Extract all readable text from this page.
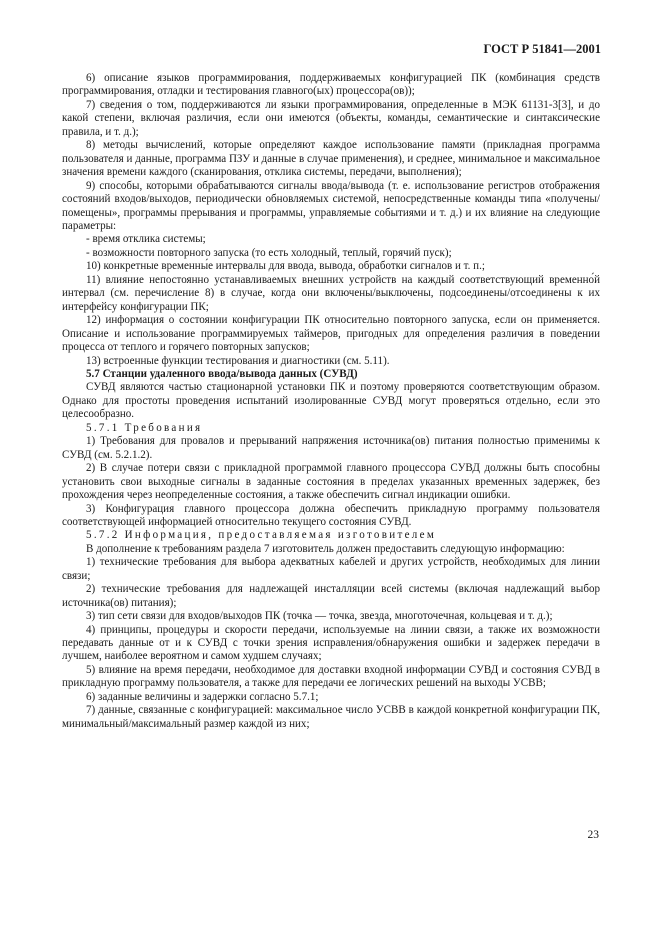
ГОСТ Р 51841—2001

6) описание языков программирования, поддерживаемых конфигурацией ПК (комбинация средств программирования, отладки и тестирования главного(ых) процессора(ов));

7) сведения о том, поддерживаются ли языки программирования, определенные в МЭК 61131-3[3], и до какой степени, включая различия, если они имеются (объекты, команды, семантические и синтаксические правила, и т. д.);

8) методы вычислений, которые определяют каждое использование памяти (прикладная программа пользователя и данные, программа ПЗУ и данные в случае применения), и среднее, минимальное и максимальное значения времени каждого (сканирования, отклика системы, передачи, выполнения);

9) способы, которыми обрабатываются сигналы ввода/вывода (т. е. использование регистров отображения состояний входов/выходов, периодически обновляемых системой, непосредственные команды типа «получены/помещены», программы прерывания и программы, управляемые событиями и т. д.) и их влияние на следующие параметры:

- время отклика системы;

- возможности повторного запуска (то есть холодный, теплый, горячий пуск);

10) конкретные временны́е интервалы для ввода, вывода, обработки сигналов и т. п.;

11) влияние непостоянно устанавливаемых внешних устройств на каждый соответствующий временно́й интервал (см. перечисление 8) в случае, когда они включены/выключены, подсоединены/отсоединены к их интерфейсу конфигурации ПК;

12) информация о состоянии конфигурации ПК относительно повторного запуска, если он применяется. Описание и использование программируемых таймеров, пригодных для определения различия в поведении процесса от теплого и горячего повторных запусков;

13) встроенные функции тестирования и диагностики (см. 5.11).

5.7 Станции удаленного ввода/вывода данных (СУВД)

СУВД являются частью стационарной установки ПК и поэтому проверяются соответствующим образом. Однако для простоты проведения испытаний изолированные СУВД могут проверяться отдельно, если это целесообразно.

5.7.1 Требования

1) Требования для провалов и прерываний напряжения источника(ов) питания полностью применимы к СУВД (см. 5.2.1.2).

2) В случае потери связи с прикладной программой главного процессора СУВД должны быть способны установить свои выходные сигналы в заданные состояния в пределах указанных временных задержек, без прохождения через неопределенные состояния, а также обеспечить сигнал индикации ошибки.

3) Конфигурация главного процессора должна обеспечить прикладную программу пользователя соответствующей информацией относительно текущего состояния СУВД.

5.7.2 Информация, предоставляемая изготовителем

В дополнение к требованиям раздела 7 изготовитель должен предоставить следующую информацию:

1) технические требования для выбора адекватных кабелей и других устройств, необходимых для линии связи;

2) технические требования для надлежащей инсталляции всей системы (включая надлежащий выбор источника(ов) питания);

3) тип сети связи для входов/выходов ПК (точка — точка, звезда, многоточечная, кольцевая и т. д.);

4) принципы, процедуры и скорости передачи, используемые на линии связи, а также их возможности передавать данные от и к СУВД с точки зрения исправления/обнаружения ошибки и задержек передачи в лучшем, наиболее вероятном и самом худшем случаях;

5) влияние на время передачи, необходимое для доставки входной информации СУВД и состояния СУВД в прикладную программу пользователя, а также для передачи ее логических решений на выходы УСВВ;

6) заданные величины и задержки согласно 5.7.1;

7) данные, связанные с конфигурацией: максимальное число УСВВ в каждой конкретной конфигурации ПК, минимальный/максимальный размер каждой из них;

23
